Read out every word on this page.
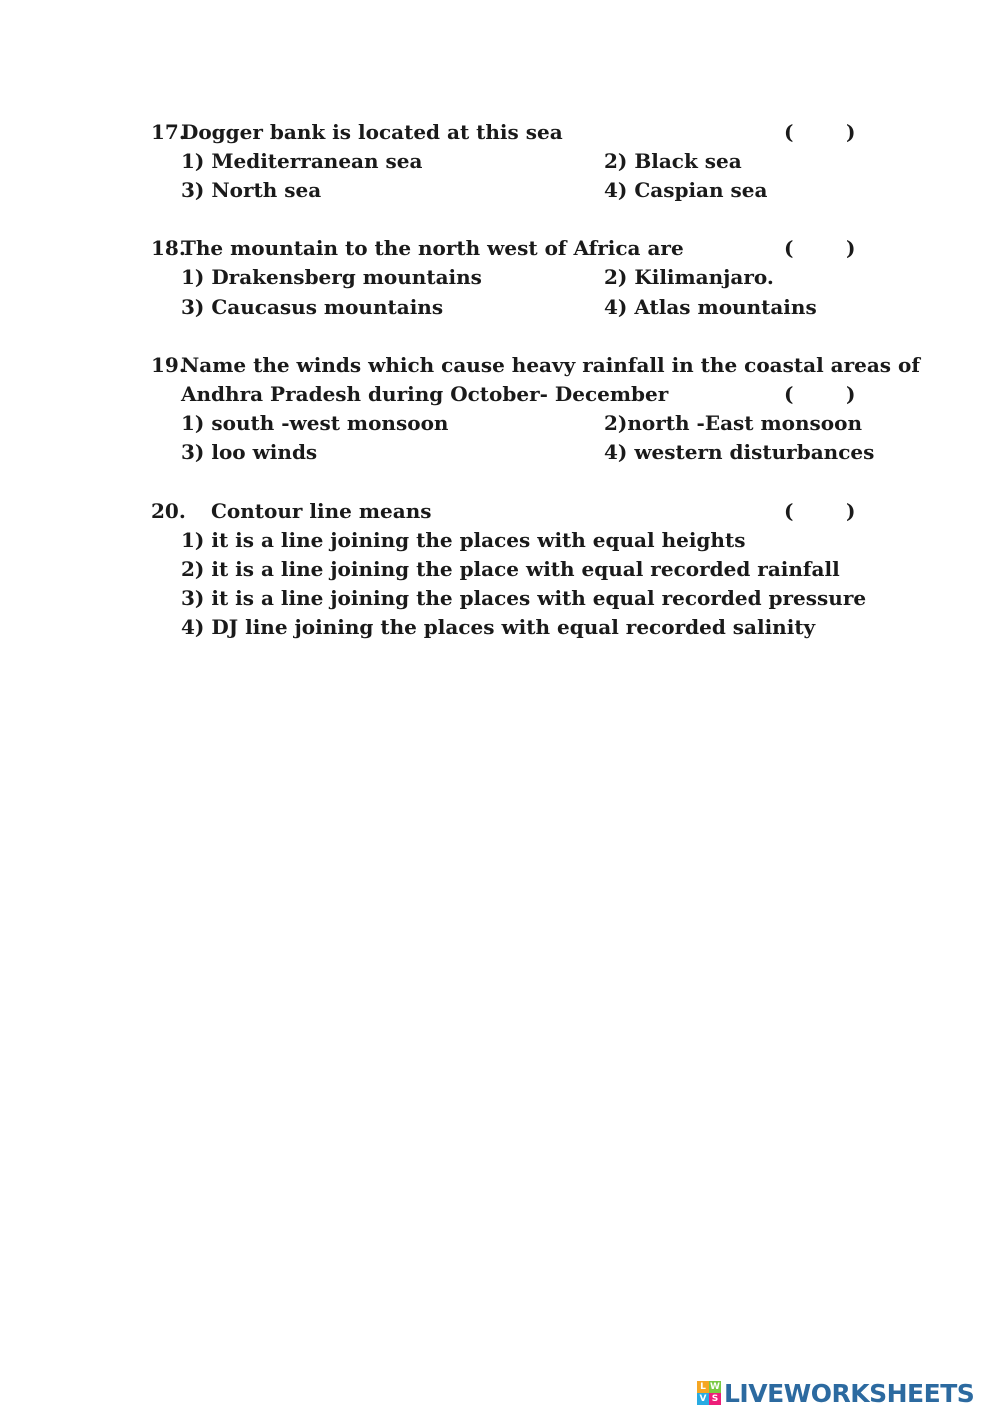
17.
Dogger bank is located at this sea	(	)
1) Mediterranean sea	2) Black sea
3) North sea	4) Caspian sea
18.
The mountain to the north west of Africa are	(	)
1) Drakensberg mountains	2) Kilimanjaro.
3) Caucasus mountains	4) Atlas mountains
19.
Name the winds which cause heavy rainfall in the coastal areas of
Andhra Pradesh during October- December	(	)
1) south -west monsoon	2)north -East monsoon
3) loo winds	4) western disturbances
20. Contour line means	(	)
1) it is a line joining the places with equal heights
2) it is a line joining the place with equal recorded rainfall
3) it is a line joining the places with equal recorded pressure
4) DJ line joining the places with equal recorded salinity
L W
V S LIVEWORKSHEETS
